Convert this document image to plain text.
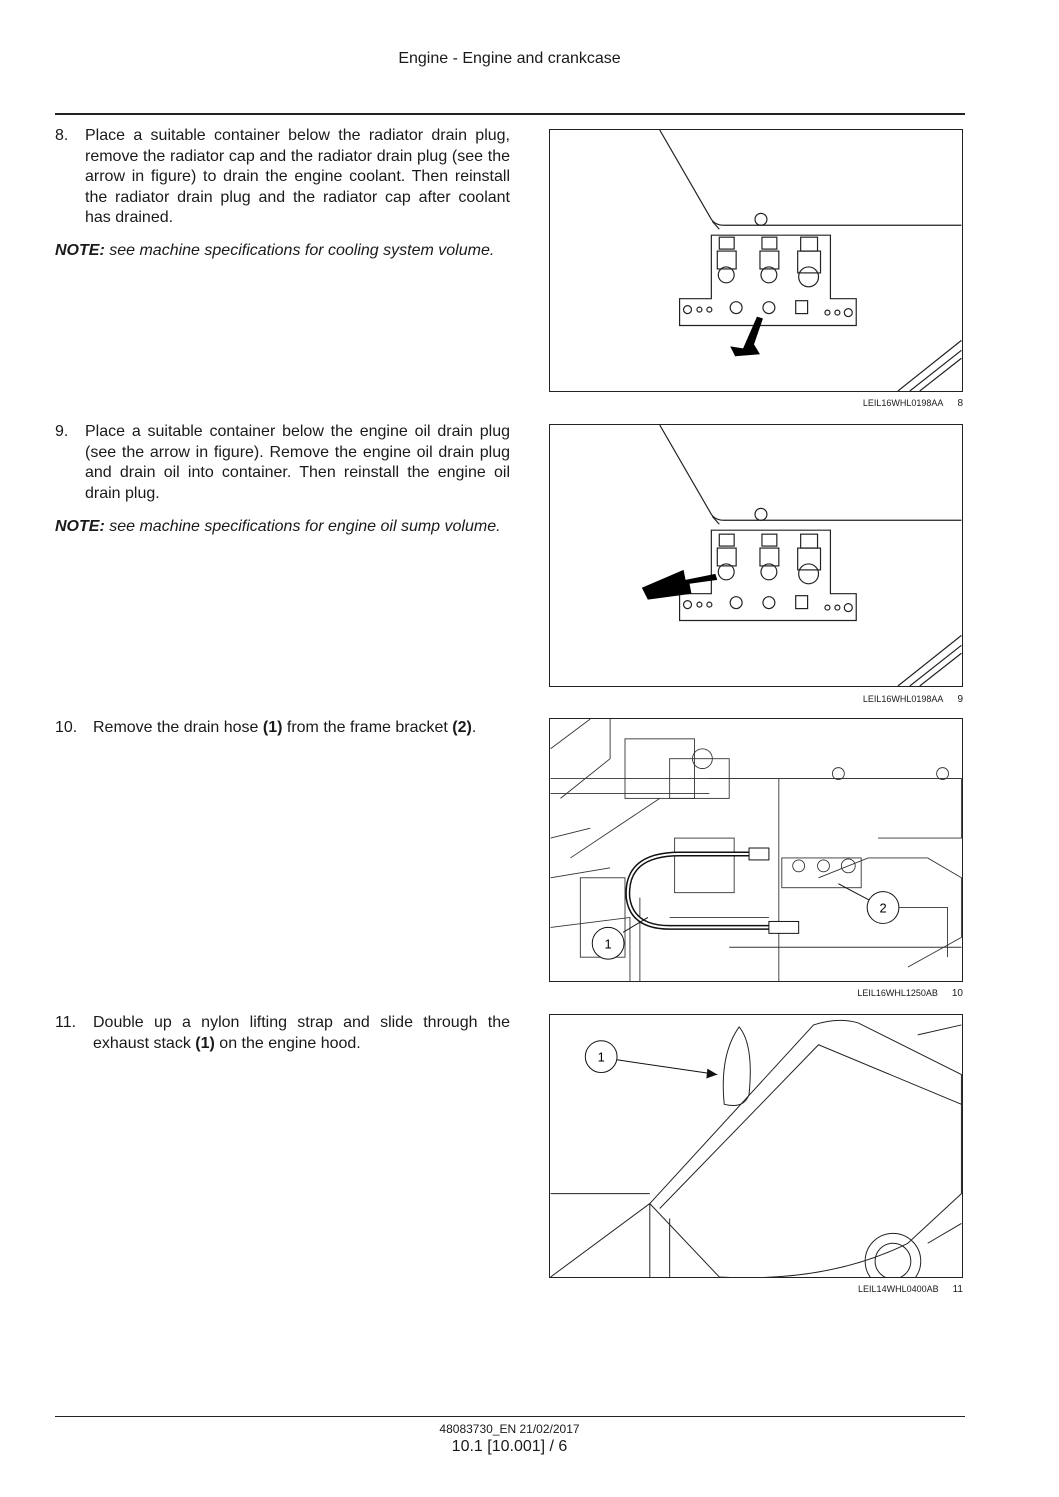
Engine - Engine and crankcase
8. Place a suitable container below the radiator drain plug, remove the radiator cap and the radiator drain plug (see the arrow in figure) to drain the engine coolant. Then reinstall the radiator drain plug and the radiator cap after coolant has drained.
NOTE: see machine specifications for cooling system volume.
LEIL16WHL0198AA 8
9. Place a suitable container below the engine oil drain plug (see the arrow in figure). Remove the engine oil drain plug and drain oil into container. Then reinstall the engine oil drain plug.
NOTE: see machine specifications for engine oil sump volume.
LEIL16WHL0198AA 9
10. Remove the drain hose (1) from the frame bracket (2).
1
2
LEIL16WHL1250AB 10
11. Double up a nylon lifting strap and slide through the exhaust stack (1) on the engine hood.
1
LEIL14WHL0400AB 11
48083730_EN 21/02/2017
10.1 [10.001] / 6
